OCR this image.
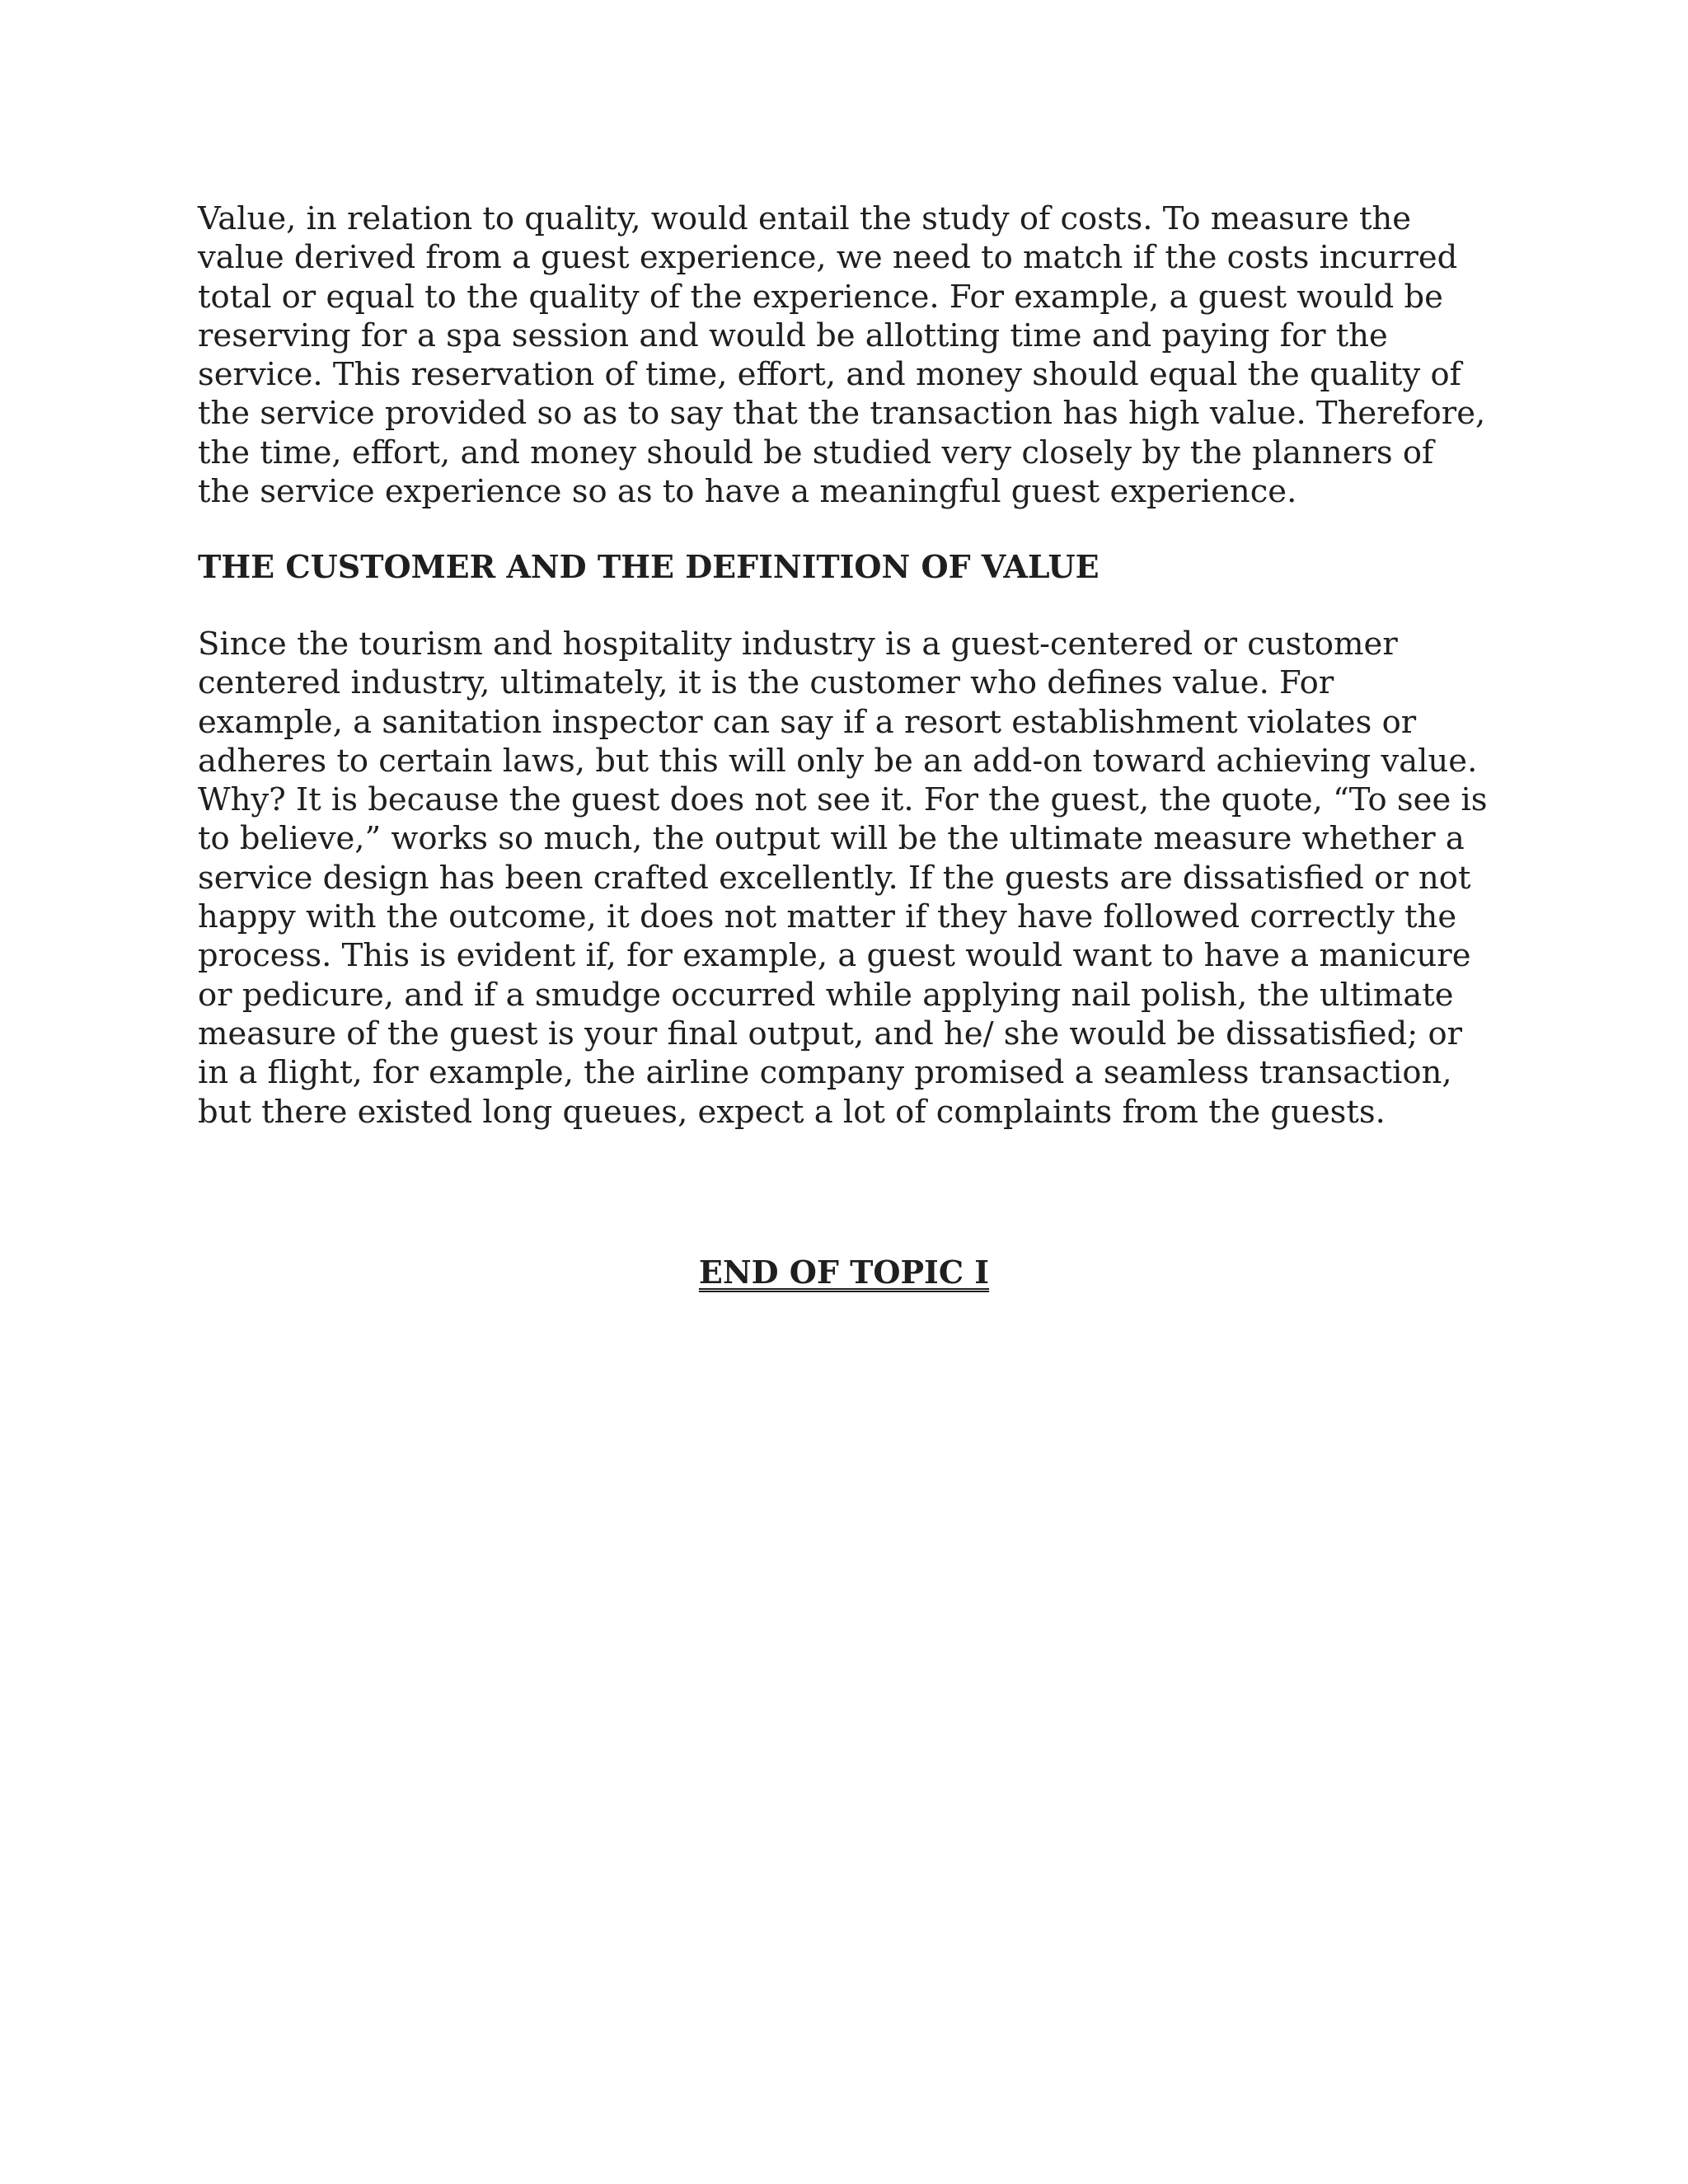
Value, in relation to quality, would entail the study of costs. To measure the
value derived from a guest experience, we need to match if the costs incurred
total or equal to the quality of the experience. For example, a guest would be
reserving for a spa session and would be allotting time and paying for the
service. This reservation of time, effort, and money should equal the quality of
the service provided so as to say that the transaction has high value. Therefore,
the time, effort, and money should be studied very closely by the planners of
the service experience so as to have a meaningful guest experience.

THE CUSTOMER AND THE DEFINITION OF VALUE

Since the tourism and hospitality industry is a guest-centered or customer
centered industry, ultimately, it is the customer who defines value. For
example, a sanitation inspector can say if a resort establishment violates or
adheres to certain laws, but this will only be an add-on toward achieving value.
Why? It is because the guest does not see it. For the guest, the quote, “To see is
to believe,” works so much, the output will be the ultimate measure whether a
service design has been crafted excellently. If the guests are dissatisfied or not
happy with the outcome, it does not matter if they have followed correctly the
process. This is evident if, for example, a guest would want to have a manicure
or pedicure, and if a smudge occurred while applying nail polish, the ultimate
measure of the guest is your final output, and he/ she would be dissatisfied; or
in a flight, for example, the airline company promised a seamless transaction,
but there existed long queues, expect a lot of complaints from the guests.

END OF TOPIC I
